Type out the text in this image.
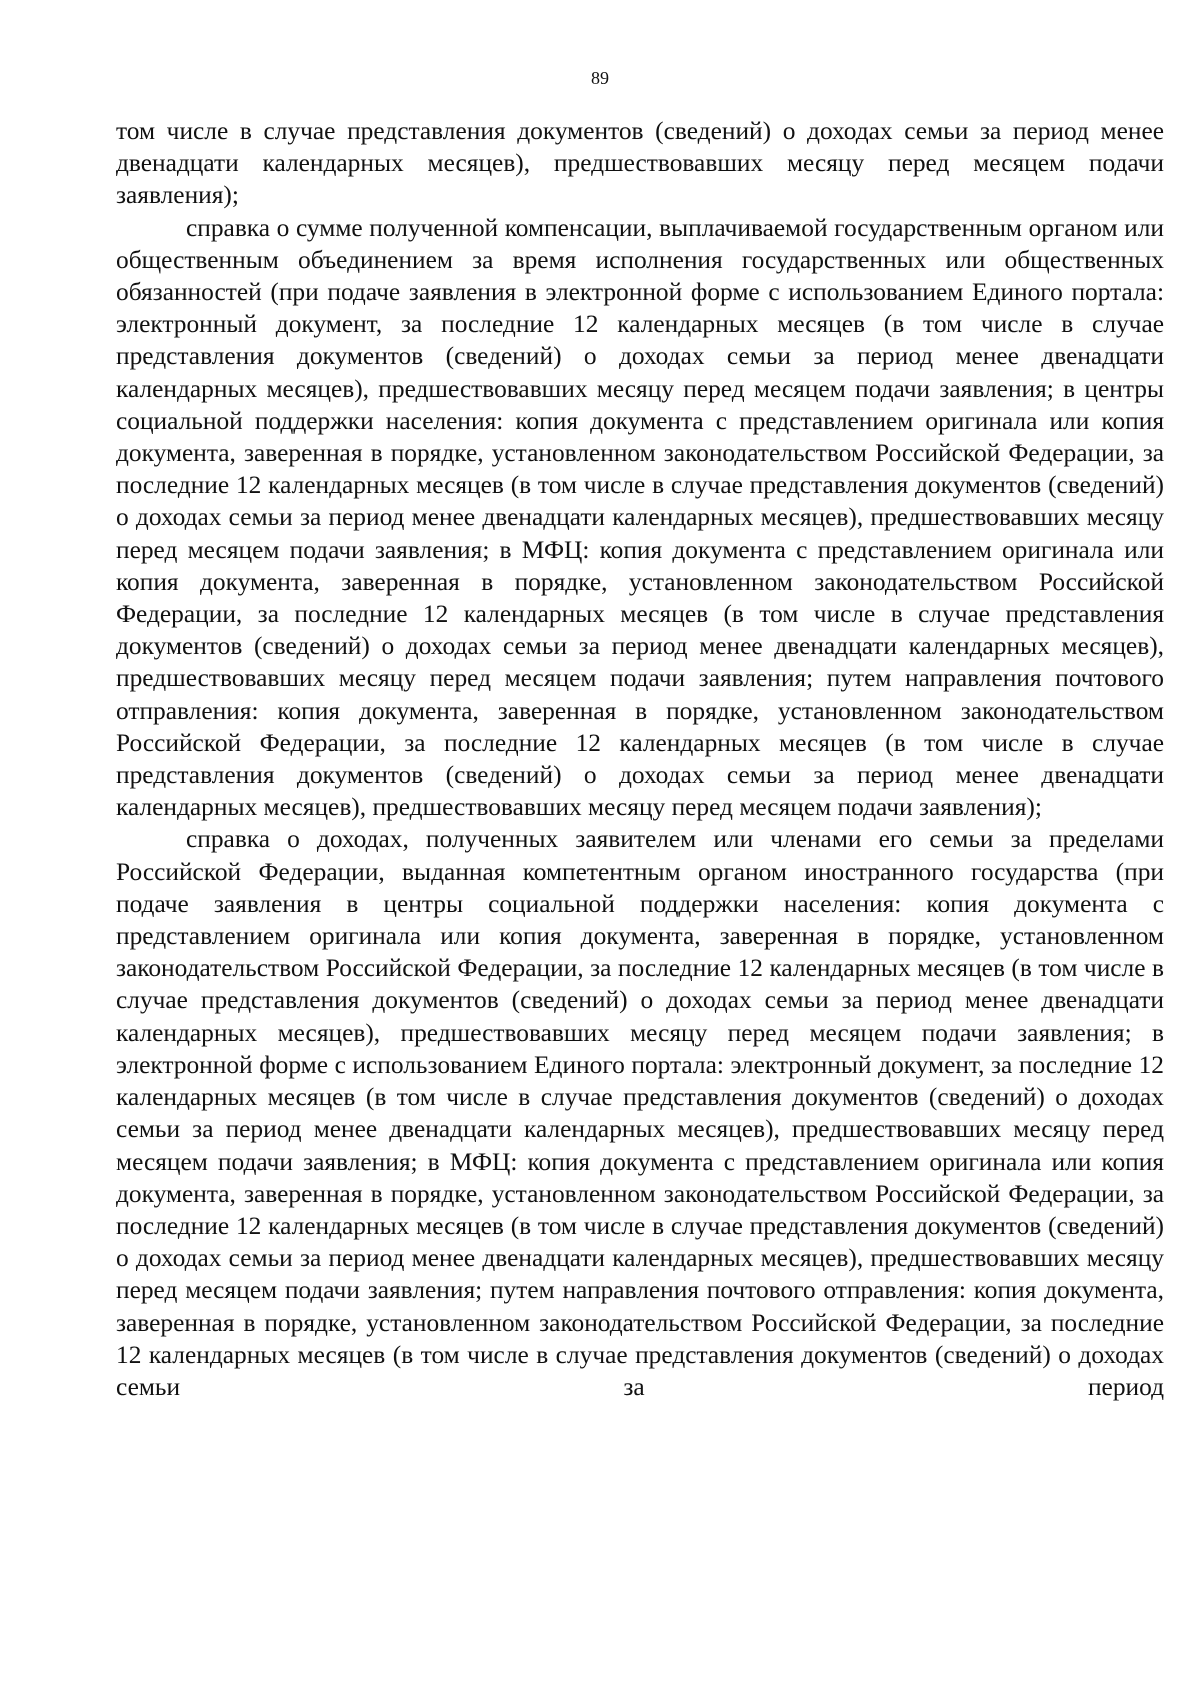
89

том числе в случае представления документов (сведений) о доходах семьи за период менее двенадцати календарных месяцев), предшествовавших месяцу перед месяцем подачи заявления);

справка о сумме полученной компенсации, выплачиваемой государственным органом или общественным объединением за время исполнения государственных или общественных обязанностей (при подаче заявления в электронной форме с использованием Единого портала: электронный документ, за последние 12 календарных месяцев (в том числе в случае представления документов (сведений) о доходах семьи за период менее двенадцати календарных месяцев), предшествовавших месяцу перед месяцем подачи заявления; в центры социальной поддержки населения: копия документа с представлением оригинала или копия документа, заверенная в порядке, установленном законодательством Российской Федерации, за последние 12 календарных месяцев (в том числе в случае представления документов (сведений) о доходах семьи за период менее двенадцати календарных месяцев), предшествовавших месяцу перед месяцем подачи заявления; в МФЦ: копия документа с представлением оригинала или копия документа, заверенная в порядке, установленном законодательством Российской Федерации, за последние 12 календарных месяцев (в том числе в случае представления документов (сведений) о доходах семьи за период менее двенадцати календарных месяцев), предшествовавших месяцу перед месяцем подачи заявления; путем направления почтового отправления: копия документа, заверенная в порядке, установленном законодательством Российской Федерации, за последние 12 календарных месяцев (в том числе в случае представления документов (сведений) о доходах семьи за период менее двенадцати календарных месяцев), предшествовавших месяцу перед месяцем подачи заявления);

справка о доходах, полученных заявителем или членами его семьи за пределами Российской Федерации, выданная компетентным органом иностранного государства (при подаче заявления в центры социальной поддержки населения: копия документа с представлением оригинала или копия документа, заверенная в порядке, установленном законодательством Российской Федерации, за последние 12 календарных месяцев (в том числе в случае представления документов (сведений) о доходах семьи за период менее двенадцати календарных месяцев), предшествовавших месяцу перед месяцем подачи заявления; в электронной форме с использованием Единого портала: электронный документ, за последние 12 календарных месяцев (в том числе в случае представления документов (сведений) о доходах семьи за период менее двенадцати календарных месяцев), предшествовавших месяцу перед месяцем подачи заявления; в МФЦ: копия документа с представлением оригинала или копия документа, заверенная в порядке, установленном законодательством Российской Федерации, за последние 12 календарных месяцев (в том числе в случае представления документов (сведений) о доходах семьи за период менее двенадцати календарных месяцев), предшествовавших месяцу перед месяцем подачи заявления; путем направления почтового отправления: копия документа, заверенная в порядке, установленном законодательством Российской Федерации, за последние 12 календарных месяцев (в том числе в случае представления документов (сведений) о доходах семьи за период
